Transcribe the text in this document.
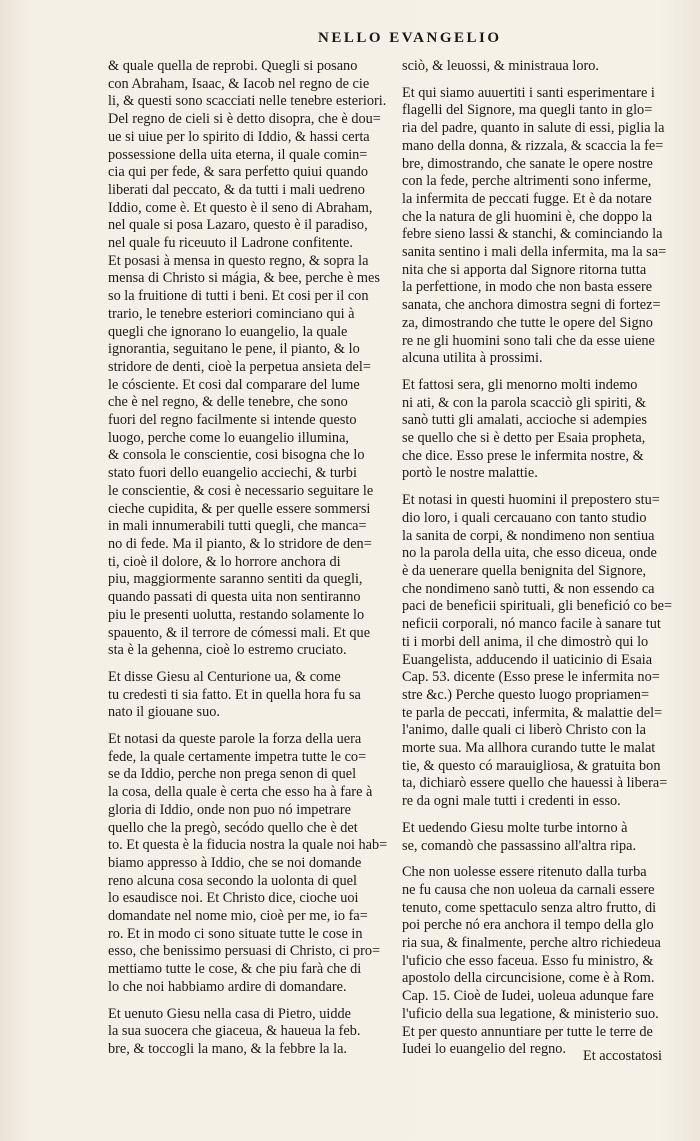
NELLO EVANGELIO
& quale quella de reprobi. Quegli si posano
con Abraham, Isaac, & Iacob nel regno de cie
li, & questi sono scacciati nelle tenebre esteriori.
Del regno de cieli si è detto disopra, che è dou=
ue si uiue per lo spirito di Iddio, & hassi certa
possessione della uita eterna, il quale comin=
cia qui per fede, & sara perfetto quiui quando
liberati dal peccato, & da tutti i mali uedreno
Iddio, come è. Et questo è il seno di Abraham,
nel quale si posa Lazaro, questo è il paradiso,
nel quale fu riceuuto il Ladrone confitente.
Et posasi à mensa in questo regno, & sopra la
mensa di Christo si mágia, & bee, perche è mes
so la fruitione di tutti i beni. Et cosi per il con
trario, le tenebre esteriori cominciano qui à
quegli che ignorano lo euangelio, la quale
ignorantia, seguitano le pene, il pianto, & lo
stridore de denti, cioè la perpetua ansieta del=
le cósciente. Et cosi dal comparare del lume
che è nel regno, & delle tenebre, che sono
fuori del regno facilmente si intende questo
luogo, perche come lo euangelio illumina,
& consola le conscientie, cosi bisogna che lo
stato fuori dello euangelio acciechi, & turbi
le conscientie, & cosi è necessario seguitare le
cieche cupidita, & per quelle essere sommersi
in mali innumerabili tutti quegli, che manca=
no di fede. Ma il pianto, & lo stridore de den=
ti, cioè il dolore, & lo horrore anchora di
piu, maggiormente saranno sentiti da quegli,
quando passati di questa uita non sentiranno
piu le presenti uolutta, restando solamente lo
spauento, & il terrore de cómessi mali. Et que
sta è la gehenna, cioè lo estremo cruciato.
Et disse Giesu al Centurione ua, & come
tu credesti ti sia fatto. Et in quella hora fu sa
nato il giouane suo.
Et notasi da queste parole la forza della uera
fede, la quale certamente impetra tutte le co=
se da Iddio, perche non prega senon di quel
la cosa, della quale è certa che esso ha à fare à
gloria di Iddio, onde non puo nó impetrare
quello che la pregò, secódo quello che è det
to. Et questa è la fiducia nostra la quale noi hab=
biamo appresso à Iddio, che se noi domande
reno alcuna cosa secondo la uolonta di quel
lo esaudisce noi. Et Christo dice, cioche uoi
domandate nel nome mio, cioè per me, io fa=
ro. Et in modo ci sono situate tutte le cose in
esso, che benissimo persuasi di Christo, ci pro=
mettiamo tutte le cose, & che piu farà che di
lo che noi habbiamo ardire di domandare.
Et uenuto Giesu nella casa di Pietro, uidde
la sua suocera che giaceua, & haueua la feb.
bre, & toccogli la mano, & la febbre la la.
sciò, & leuossi, & ministraua loro.
Et qui siamo auuertiti i santi esperimentare i
flagelli del Signore, ma quegli tanto in glo=
ria del padre, quanto in salute di essi, piglia la
mano della donna, & rizzala, & scaccia la fe=
bre, dimostrando, che sanate le opere nostre
con la fede, perche altrimenti sono inferme,
la infermita de peccati fugge. Et è da notare
che la natura de gli huomini è, che doppo la
febre sieno lassi & stanchi, & cominciando la
sanita sentino i mali della infermita, ma la sa=
nita che si apporta dal Signore ritorna tutta
la perfettione, in modo che non basta essere
sanata, che anchora dimostra segni di fortez=
za, dimostrando che tutte le opere del Signo
re ne gli huomini sono tali che da esse uiene
alcuna utilita à prossimi.
Et fattosi sera, gli menorno molti indemo
ni ati, & con la parola scacciò gli spiriti, &
sanò tutti gli amalati, accioche si adempies
se quello che si è detto per Esaia propheta,
che dice. Esso prese le infermita nostre, &
portò le nostre malattie.
Et notasi in questi huomini il prepostero stu=
dio loro, i quali cercauano con tanto studio
la sanita de corpi, & nondimeno non sentiua
no la parola della uita, che esso diceua, onde
è da uenerare quella benignita del Signore,
che nondimeno sanò tutti, & non essendo ca
paci de beneficii spirituali, gli benefició co be=
neficii corporali, nó manco facile à sanare tut
ti i morbi dell anima, il che dimostrò qui lo
Euangelista, adducendo il uaticinio di Esaia
Cap. 53. dicente (Esso prese le infermita no=
stre &c.) Perche questo luogo propriamen=
te parla de peccati, infermita, & malattie del=
l'animo, dalle quali ci liberò Christo con la
morte sua. Ma allhora curando tutte le malat
tie, & questo có marauigliosa, & gratuita bon
ta, dichiarò essere quello che hauessi à libera=
re da ogni male tutti i credenti in esso.
Et uedendo Giesu molte turbe intorno à
se, comandò che passassino all'altra ripa.
Che non uolesse essere ritenuto dalla turba
ne fu causa che non uoleua da carnali essere
tenuto, come spettaculo senza altro frutto, di
poi perche nó era anchora il tempo della glo
ria sua, & finalmente, perche altro richiedeua
l'uficio che esso faceua. Esso fu ministro, &
apostolo della circuncisione, come è à Rom.
Cap. 15. Cioè de Iudei, uoleua adunque fare
l'uficio della sua legatione, & ministerio suo.
Et per questo annuntiare per tutte le terre de
Iudei lo euangelio del regno.	Et accostatosi
